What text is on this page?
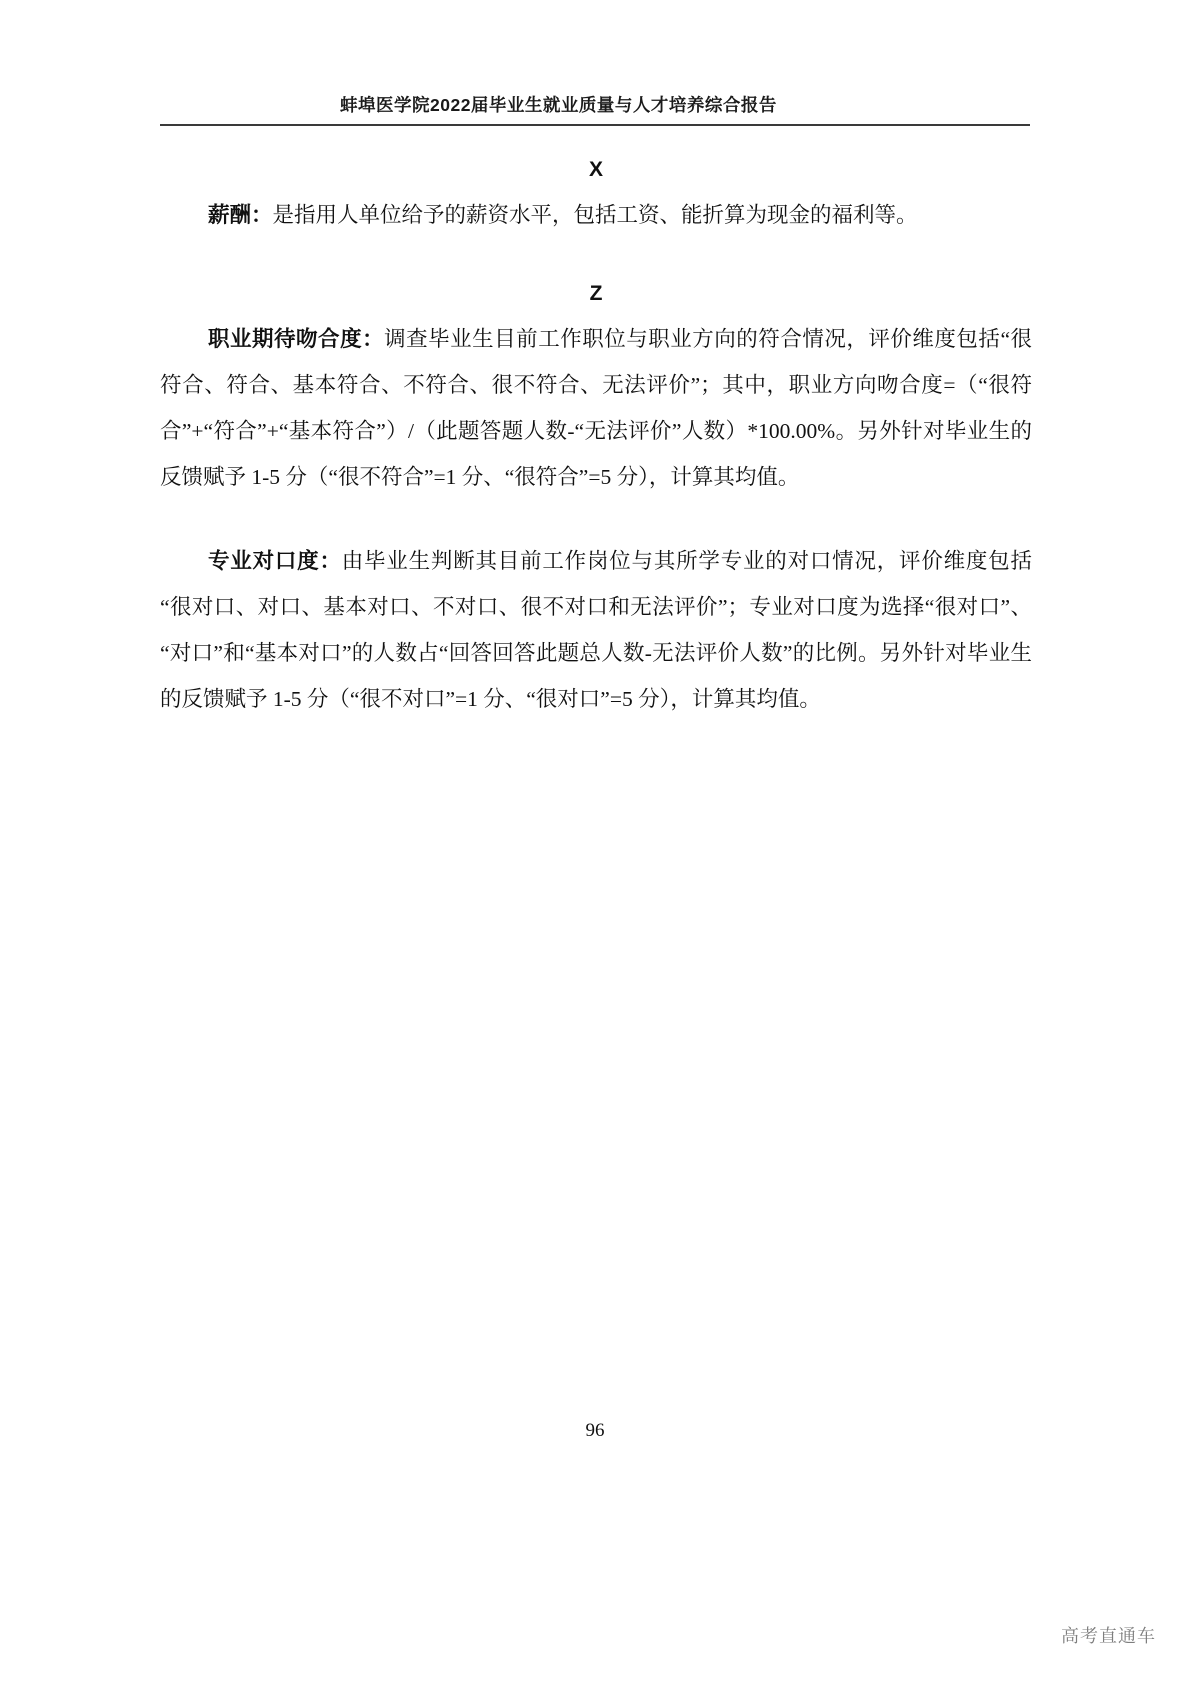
蚌埠医学院2022届毕业生就业质量与人才培养综合报告
X

薪酬：是指用人单位给予的薪资水平，包括工资、能折算为现金的福利等。

Z

职业期待吻合度：调查毕业生目前工作职位与职业方向的符合情况，评价维度包括“很符合、符合、基本符合、不符合、很不符合、无法评价”；其中，职业方向吻合度=（“很符合”+“符合”+“基本符合”）/（此题答题人数-“无法评价”人数）*100.00%。另外针对毕业生的反馈赋予 1-5 分（“很不符合”=1 分、“很符合”=5 分），计算其均值。

专业对口度：由毕业生判断其目前工作岗位与其所学专业的对口情况，评价维度包括“很对口、对口、基本对口、不对口、很不对口和无法评价”；专业对口度为选择“很对口”、“对口”和“基本对口”的人数占“回答回答此题总人数-无法评价人数”的比例。另外针对毕业生的反馈赋予 1-5 分（“很不对口”=1 分、“很对口”=5 分），计算其均值。

96
高考直通车
